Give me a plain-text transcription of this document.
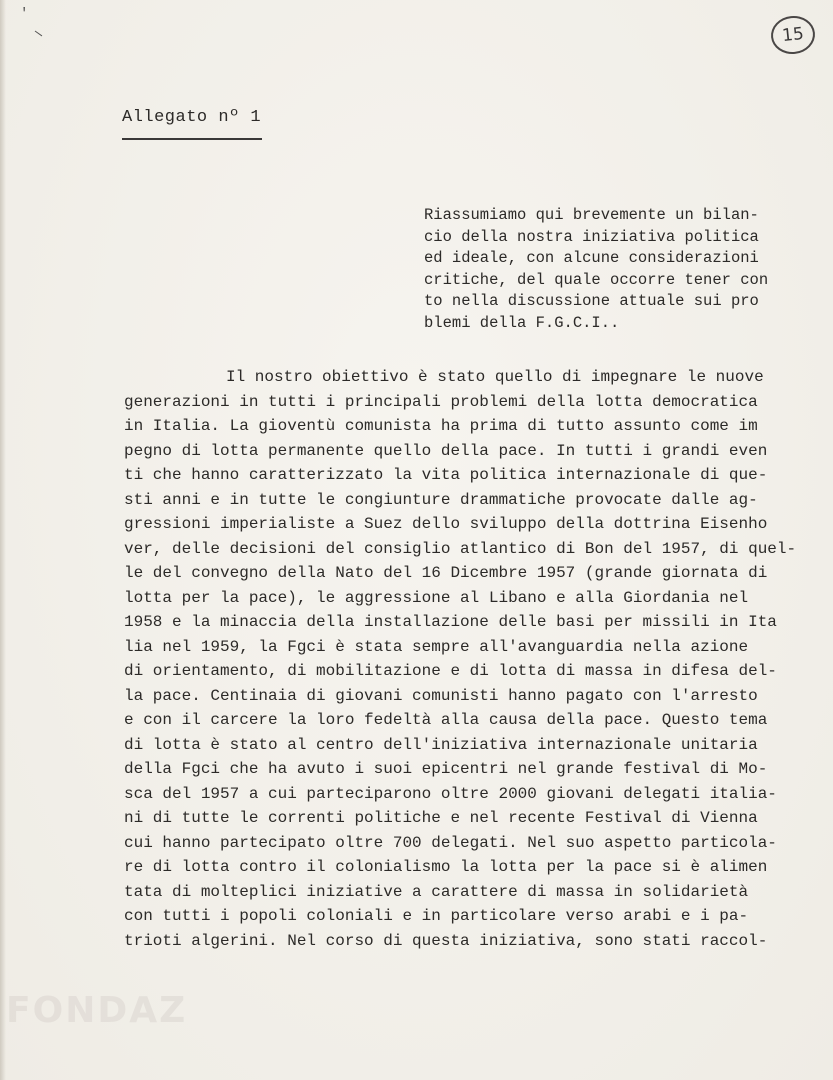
'
—	15
Allegato nº 1

Riassumiamo qui brevemente un bilan-

cio della nostra iniziativa politica

ed ideale, con alcune considerazioni

critiche, del quale occorre tener con

to nella discussione attuale sui pro

blemi della F.G.C.I..

Il nostro obiettivo è stato quello di impegnare le nuove

generazioni in tutti i principali problemi della lotta democratica

in Italia. La gioventù comunista ha prima di tutto assunto come im

pegno di lotta permanente quello della pace. In tutti i grandi even

ti che hanno caratterizzato la vita politica internazionale di que-

sti anni e in tutte le congiunture drammatiche provocate dalle ag-

gressioni imperialiste a Suez dello sviluppo della dottrina Eisenho

ver, delle decisioni del consiglio atlantico di Bon del 1957, di quel-

le del convegno della Nato del 16 Dicembre 1957 (grande giornata di

lotta per la pace), le aggressione al Libano e alla Giordania nel

1958 e la minaccia della installazione delle basi per missili in Ita

lia nel 1959, la Fgci è stata sempre all'avanguardia nella azione

di orientamento, di mobilitazione e di lotta di massa in difesa del-

la pace. Centinaia di giovani comunisti hanno pagato con l'arresto

e con il carcere la loro fedeltà alla causa della pace. Questo tema

di lotta è stato al centro dell'iniziativa internazionale unitaria

della Fgci che ha avuto i suoi epicentri nel grande festival di Mo-

sca del 1957 a cui parteciparono oltre 2000 giovani delegati italia-

ni di tutte le correnti politiche e nel recente Festival di Vienna

cui hanno partecipato oltre 700 delegati. Nel suo aspetto particola-

re di lotta contro il colonialismo la lotta per la pace si è alimen

tata di molteplici iniziative a carattere di massa in solidarietà

con tutti i popoli coloniali e in particolare verso arabi e i pa-

trioti algerini. Nel corso di questa iniziativa, sono stati raccol-

FONDAZ
